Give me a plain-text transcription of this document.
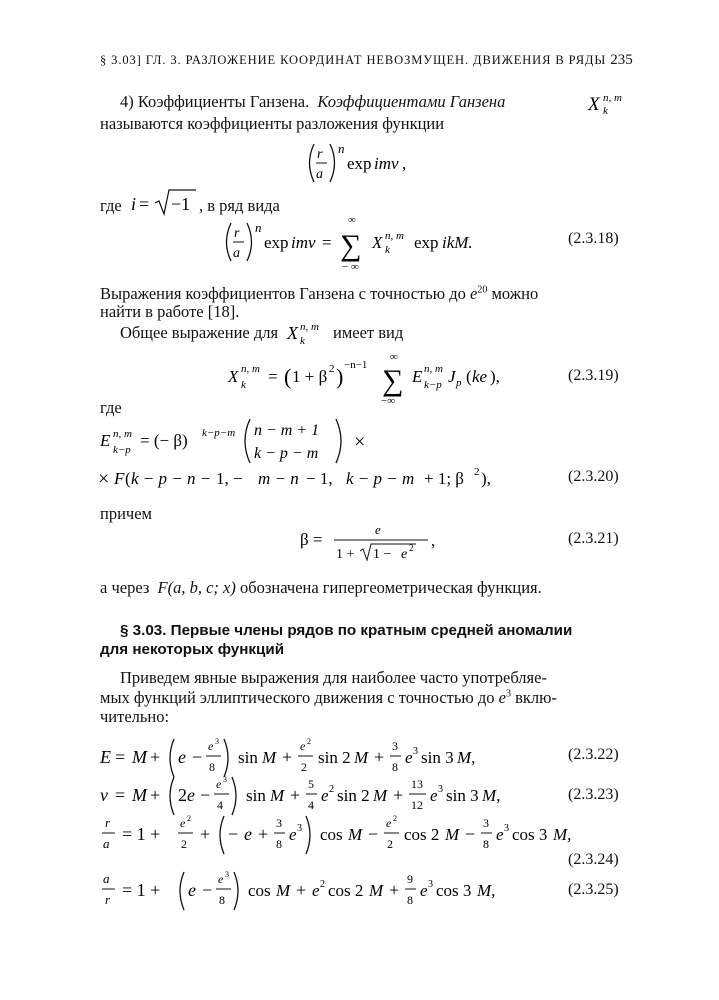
§ 3.03] ГЛ. 3. РАЗЛОЖЕНИЕ КООРДИНАТ НЕВОЗМУЩЕН. ДВИЖЕНИЯ В РЯДЫ 235
4) Коэффициенты Ганзена. Коэффициентами Ганзена	X n, m
k
называются коэффициенты разложения функции
r
a
n
exp imv ,
где i = −1 , в ряд вида
r
a
n
exp imv =
∞
∑
− ∞
X n, m
k exp ikM.	(2.3.18)
Выражения коэффициентов Ганзена с точностью до $e^{20}$ можно
найти в работе [18].
Общее выражение для X n, m
k имеет вид
X n, m
k = ( 1 + β 2 ) −n−1
∞
∑
−∞
E n, m
k−p J p ( ke ),	(2.3.19)
где
E n, m
k−p = (− β) k−p−m n − m + 1
k − p − m
×
× F ( k − p − n − 1, − m − n − 1, k − p − m + 1; β 2 ),	(2.3.20)
причем
β =
e
1 + 1 − e 2 ,	(2.3.21)
а через F(a, b, c; x) обозначена гипергеометрическая функция.
§ 3.03. Первые члены рядов по кратным средней аномалии
для некоторых функций
Приведем явные выражения для наиболее часто употребляе-
мых функций эллиптического движения с точностью до $e^3$ вклю-
чительно:
E = M + e −
e 3
8 sin M +
e 2
2 sin 2 M +
3
8 e 3 sin 3 M,	(2.3.22)
v = M + 2 e −
e 3
4 sin M +
5
4 e 2 sin 2 M +
13
12 e 3 sin 3 M,	(2.3.23)
r
a = 1 +
e 2
2 + − e +
3
8 e 3 cos M −
e 2
2 cos 2 M −
3
8 e 3 cos 3 M,
(2.3.24)
a
r = 1 + e −
e 3
8 cos M + e 2 cos 2 M +
9
8 e 3 cos 3 M,	(2.3.25)
